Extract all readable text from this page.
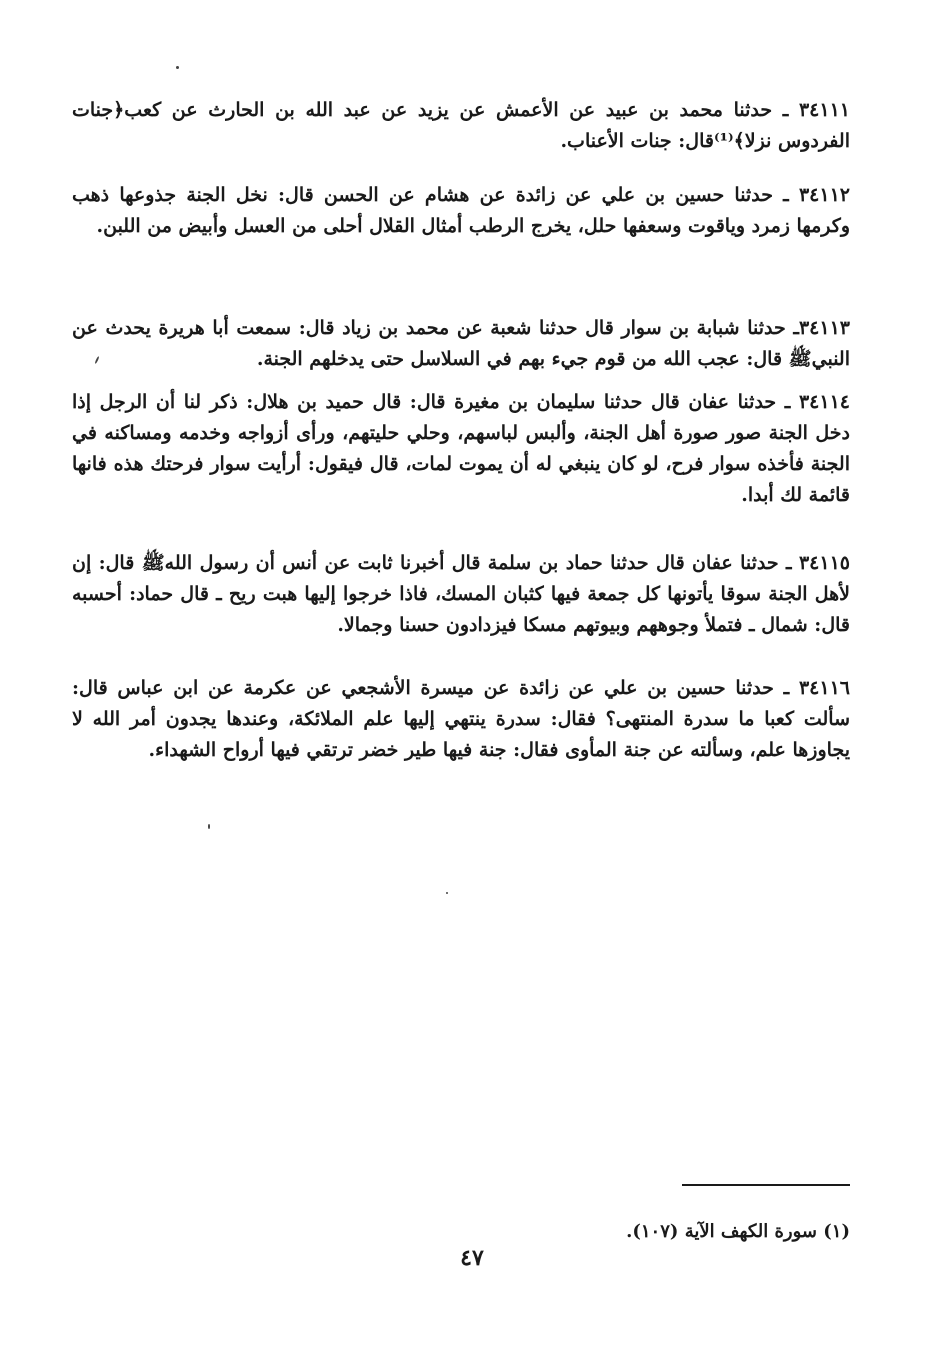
٣٤١١١ ـ حدثنا محمد بن عبيد عن الأعمش عن يزيد عن عبد الله بن الحارث عن كعب﴿جنات الفردوس نزلا﴾⁽¹⁾قال: جنات الأعناب.

٣٤١١٢ ـ حدثنا حسين بن علي عن زائدة عن هشام عن الحسن قال: نخل الجنة جذوعها ذهب وكرمها زمرد وياقوت وسعفها حلل، يخرج الرطب أمثال القلال أحلى من العسل وأبيض من اللبن.

٣٤١١٣ـ حدثنا شبابة بن سوار قال حدثنا شعبة عن محمد بن زياد قال: سمعت أبا هريرة يحدث عن النبيﷺ قال: عجب الله من قوم جيء بهم في السلاسل حتى يدخلهم الجنة.

٣٤١١٤ ـ حدثنا عفان قال حدثنا سليمان بن مغيرة قال: قال حميد بن هلال: ذكر لنا أن الرجل إذا دخل الجنة صور صورة أهل الجنة، وألبس لباسهم، وحلي حليتهم، ورأى أزواجه وخدمه ومساكنه في الجنة فأخذه سوار فرح، لو كان ينبغي له أن يموت لمات، قال فيقول: أرأيت سوار فرحتك هذه فانها قائمة لك أبدا.

٣٤١١٥ ـ حدثنا عفان قال حدثنا حماد بن سلمة قال أخبرنا ثابت عن أنس أن رسول اللهﷺ قال: إن لأهل الجنة سوقا يأتونها كل جمعة فيها كثبان المسك، فاذا خرجوا إليها هبت ريح ـ قال حماد: أحسبه قال: شمال ـ فتملأ وجوههم وبيوتهم مسكا فيزدادون حسنا وجمالا.

٣٤١١٦ ـ حدثنا حسين بن علي عن زائدة عن ميسرة الأشجعي عن عكرمة عن ابن عباس قال: سألت كعبا ما سدرة المنتهى؟ فقال: سدرة ينتهي إليها علم الملائكة، وعندها يجدون أمر الله لا يجاوزها علم، وسألته عن جنة المأوى فقال: جنة فيها طير خضر ترتقي فيها أرواح الشهداء.

(١) سورة الكهف الآية (١٠٧).
٤٧
